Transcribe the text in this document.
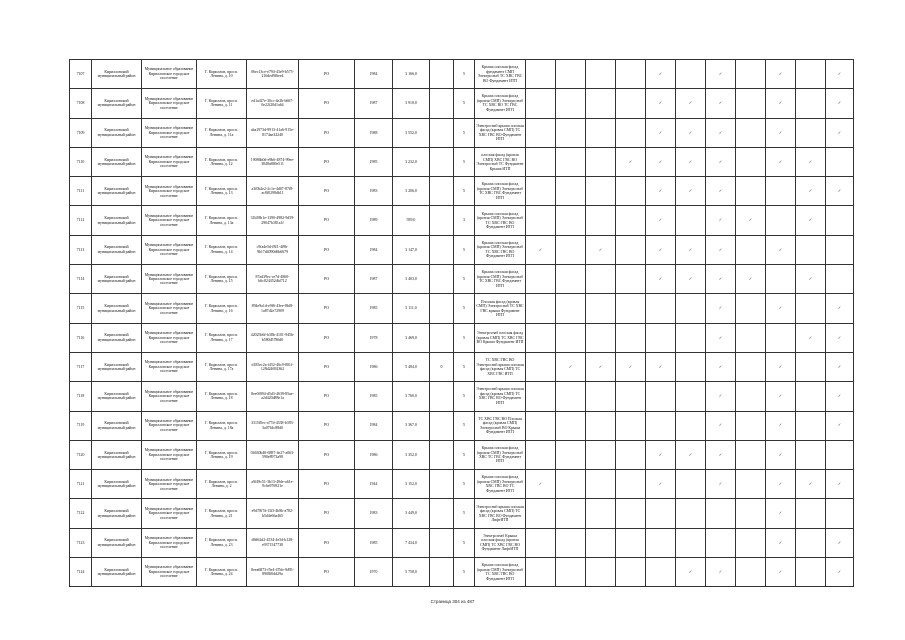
7107	Кирилловский муниципальный район	Муниципальное образование Кирилловское городское поселение	Г. Кириллов, просп. Ленина, д. 10	06ec13ce-e794-43e9-b575-216ded9f6ee4	РО	1984	3 166,0		5	Крыша плоская фасад фундамент СМП Электроснаб ТС ХВС ГВС ВО Фундамент ИТП					✓		✓		✓		✓
7108	Кирилловский муниципальный район	Муниципальное образование Кирилловское городское поселение	Г. Кириллов, просп. Ленина, д. 11	ed1a4f7e-30cc-4e2b-b667-0e22f20d1a64	РО	1987	3 910,0		5	Крыша плоская фасад (кровля СМП) Электроснаб ТС ХВС ВО ТС ГВС Фундамент ИТП					✓	✓	✓		✓		✓
7109	Кирилловский муниципальный район	Муниципальное образование Кирилловское городское поселение	Г. Кириллов, просп. Ленина, д. 11а	aba1973d-9913-41a6-915e-8174ae32240	РО	1988	3 552,0		5	Электроснаб крыша плоская фасад (кровля СМП) ТС ХВС ГВС ВО Фундамент ИТП					✓	✓	✓		✓		✓
7110	Кирилловский муниципальный район	Муниципальное образование Кирилловское городское поселение	Г. Кириллов, просп. Ленина, д. 12	19086b0d-e9b6-4874-99ee-3848a869e511	РО	1985	3 232,0		5	плоская фасад (кровля СМП) ХВС ГВС ВО Электроснаб ТС Фундамент Крыша ИТП				✓	✓	✓	✓		✓	✓	
7111	Кирилловский муниципальный район	Муниципальное образование Кирилловское городское поселение	Г. Кириллов, просп. Ленина, д. 13	a3f0b2e2-2c1e-4d07-87f8-ac8f0298db11	РО	1983	3 206,0		5	Крыша плоская фасад (кровля СМП) Электроснаб ТС ХВС ГВС Фундамент ИТП					✓	✓	✓			✓	✓
7112	Кирилловский муниципальный район	Муниципальное образование Кирилловское городское поселение	Г. Кириллов, просп. Ленина, д. 13а	31b58b1e-1390-4982-9d59-29047b381a1f	РО	1989	939,0		3	Крыша плоская фасад (кровля СМП) Электроснаб ТС ХВС ГВС ВО Фундамент ИТП					✓		✓	✓		✓	
7113	Кирилловский муниципальный район	Муниципальное образование Кирилловское городское поселение	Г. Кириллов, просп. Ленина, д. 14	c9fa4e5d-f8f1-4f9b-9b17d4090d6b6679	РО	1984	3 147,0		5	Крыша плоская фасад (кровля СМП) Электроснаб ТС ХВС ГВС ВО Фундамент ИТП	✓		✓		✓	✓	✓		✓		
7114	Кирилловский муниципальный район	Муниципальное образование Кирилловское городское поселение	Г. Кириллов, просп. Ленина, д. 15	87ad39ec-ce7d-4860-b6c824452dbf712	РО	1987	3 403,0		5	Крыша плоская фасад (кровля СМП) Электроснаб ТС ХВС ГВС Фундамент ИТП					✓	✓	✓	✓		✓	
7115	Кирилловский муниципальный район	Муниципальное образование Кирилловское городское поселение	Г. Кириллов, просп. Ленина, д. 16	894e9a1d-e9f6-43ee-8bf8-1a87d2e72909	РО	1985	5 111,0		5	Плоская фасад (кровля СМП) Электроснаб ТС ХВС ГВС крыша Фундамент ИТП							✓		✓		✓
7116	Кирилловский муниципальный район	Муниципальное образование Кирилловское городское поселение	Г. Кириллов, просп. Ленина, д. 17	42025b6f-b38b-4101-945b-b580d5786d0	РО	1978	3 469,0		5	Электроснаб плоская фасад (кровля СМП) ТС ХВС ГВС ВО Крыша Фундамент ИТП							✓			✓	✓
7117	Кирилловский муниципальный район	Муниципальное образование Кирилловское городское поселение	Г. Кириллов, просп. Ленина, д. 17а	d185ec2a-f452-46c9-801f-128d24692362	РО	1986	5 484,0	0	5	ТС ХВС ГВС ВО Электроснаб крыша плоская фасад (кровля СМП) ТС ХВС ГВС ИТП		✓	✓	✓	✓		✓		✓		✓
7118	Кирилловский муниципальный район	Муниципальное образование Кирилловское городское поселение	Г. Кириллов, просп. Ленина, д. 18	8ee0f094-d5d3-4639-85ae-a2d420d88e1a	РО	1985	3 760,0		5	Электроснаб крыша плоская фасад (кровля СМП) ТС ХВС ГВС ВО Фундамент ИТП							✓		✓		✓
7119	Кирилловский муниципальный район	Муниципальное образование Кирилловское городское поселение	Г. Кириллов, просп. Ленина, д. 18а	3315f0ec-a77d-4338-b393-3a0764c88d0	РО	1984	3 367,0		5	ТС ХВС ГВС ВО Плоская фасад (кровля СМП) Электроснаб ВО Крыша Фундамент ИТП							✓		✓		✓
7120	Кирилловский муниципальный район	Муниципальное образование Кирилловское городское поселение	Г. Кириллов, просп. Ленина, д. 19	04630b40-6887-4e27-a063-590e8973a98	РО	1986	3 352,0		5	Крыша плоская фасад (кровля СМП) Электроснаб ХВС ТС ГВС Фундамент ИТП					✓	✓	✓		✓		
7121	Кирилловский муниципальный район	Муниципальное образование Кирилловское городское поселение	Г. Кириллов, просп. Ленина, д. 2	a9f49c51-3b13-49de-a61e-9c6e976921e	РО	1944	3 152,0		5	Крыша плоская фасад (кровля СМП) Электроснаб ХВС ГВС ВО ТС Фундамент ИТП	✓				✓		✓		✓	✓	✓
7122	Кирилловский муниципальный район	Муниципальное образование Кирилловское городское поселение	Г. Кириллов, просп. Ленина, д. 21	e9d78f7d-f3f3-4b9b-a782-b5d4e66a465	РО	1983	3 449,0		5	Электроснаб крыша плоская фасад (кровля СМП) ТС ХВС ГВС ВО Фундамент ЛифтИТП									✓		
7123	Кирилловский муниципальный район	Муниципальное образование Кирилловское городское поселение	Г. Кириллов, просп. Ленина, д. 23	d8d62d2-4534-4e5d-b128-e9371547730	РО	1985	7 434,0		5	Электроснаб Крыша плоская фасад (кровля СМП) ТС ХВС ГВС ВО Фундамент ЛифтИТП									✓		✓
7124	Кирилловский муниципальный район	Муниципальное образование Кирилловское городское поселение	Г. Кириллов, просп. Ленина, д. 24	8eea6873-f5e4-47bb-9d95-8908f0dd29a	РО	1970	5 758,0		5	Крыша плоская фасад (кровля СМП) Электроснаб ТС ХВС ГВС ВО Фундамент ИТП						✓	✓		✓		✓
Страница 304 из 487
